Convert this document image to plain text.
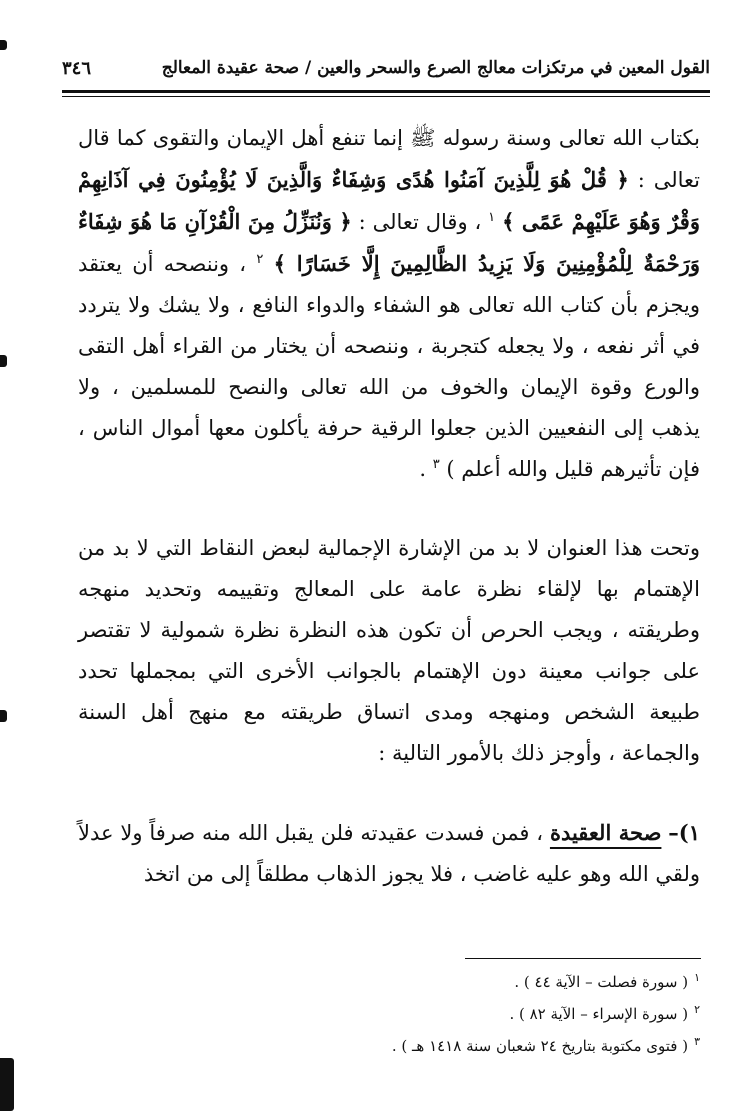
القول المعين في مرتكزات معالج الصرع والسحر والعين / صحة عقيدة المعالج
٣٤٦

بكتاب الله تعالى وسنة رسوله ﷺ إنما تنفع أهل الإيمان والتقوى كما قال تعالى : ﴿ قُلْ هُوَ لِلَّذِينَ آمَنُوا هُدًى وَشِفَاءٌ وَالَّذِينَ لَا يُؤْمِنُونَ فِي آذَانِهِمْ وَقْرٌ وَهُوَ عَلَيْهِمْ عَمًى ﴾ $^١$ ، وقال تعالى : ﴿ وَنُنَزِّلُ مِنَ الْقُرْآنِ مَا هُوَ شِفَاءٌ وَرَحْمَةٌ لِلْمُؤْمِنِينَ وَلَا يَزِيدُ الظَّالِمِينَ إِلَّا خَسَارًا ﴾ $^٢$ ، وننصحه أن يعتقد ويجزم بأن كتاب الله تعالى هو الشفاء والدواء النافع ، ولا يشك ولا يتردد في أثر نفعه ، ولا يجعله كتجربة ، وننصحه أن يختار من القراء أهل التقى والورع وقوة الإيمان والخوف من الله تعالى والنصح للمسلمين ، ولا يذهب إلى النفعيين الذين جعلوا الرقية حرفة يأكلون معها أموال الناس ، فإن تأثيرهم قليل والله أعلم ) $^٣$ .

وتحت هذا العنوان لا بد من الإشارة الإجمالية لبعض النقاط التي لا بد من الإهتمام بها لإلقاء نظرة عامة على المعالج وتقييمه وتحديد منهجه وطريقته ، ويجب الحرص أن تكون هذه النظرة نظرة شمولية لا تقتصر على جوانب معينة دون الإهتمام بالجوانب الأخرى التي بمجملها تحدد طبيعة الشخص ومنهجه ومدى اتساق طريقته مع منهج أهل السنة والجماعة ، وأوجز ذلك بالأمور التالية :

١)– صحة العقيدة ، فمن فسدت عقيدته فلن يقبل الله منه صرفاً ولا عدلاً ولقي الله وهو عليه غاضب ، فلا يجوز الذهاب مطلقاً إلى من اتخذ

$^١$( سورة فصلت – الآية ٤٤ ) .
$^٢$( سورة الإسراء – الآية ٨٢ ) .
$^٣$( فتوى مكتوبة بتاريخ ٢٤ شعبان سنة ١٤١٨ هـ ) .
